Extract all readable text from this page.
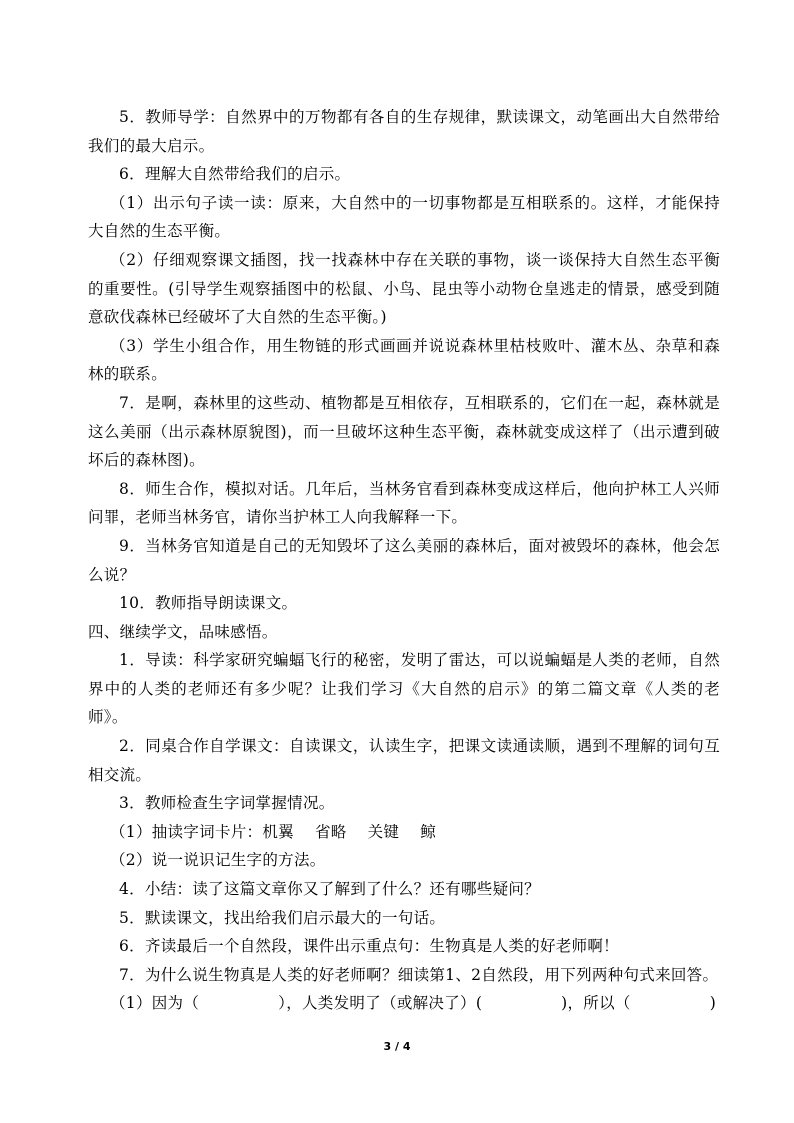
5．教师导学：自然界中的万物都有各自的生存规律，默读课文，动笔画出大自然带给我们的最大启示。

6．理解大自然带给我们的启示。

（1）出示句子读一读：原来，大自然中的一切事物都是互相联系的。这样，才能保持大自然的生态平衡。

（2）仔细观察课文插图，找一找森林中存在关联的事物，谈一谈保持大自然生态平衡的重要性。(引导学生观察插图中的松鼠、小鸟、昆虫等小动物仓皇逃走的情景，感受到随意砍伐森林已经破坏了大自然的生态平衡。)

（3）学生小组合作，用生物链的形式画画并说说森林里枯枝败叶、灌木丛、杂草和森林的联系。

7．是啊，森林里的这些动、植物都是互相依存，互相联系的，它们在一起，森林就是这么美丽（出示森林原貌图)，而一旦破坏这种生态平衡，森林就变成这样了（出示遭到破坏后的森林图)。

8．师生合作，模拟对话。几年后，当林务官看到森林变成这样后，他向护林工人兴师问罪，老师当林务官，请你当护林工人向我解释一下。

9．当林务官知道是自己的无知毁坏了这么美丽的森林后，面对被毁坏的森林，他会怎么说？

10．教师指导朗读课文。

四、继续学文，品味感悟。

1．导读：科学家研究蝙蝠飞行的秘密，发明了雷达，可以说蝙蝠是人类的老师，自然界中的人类的老师还有多少呢？让我们学习《大自然的启示》的第二篇文章《人类的老师》。

2．同桌合作自学课文：自读课文，认读生字，把课文读通读顺，遇到不理解的词句互相交流。

3．教师检查生字词掌握情况。

（1）抽读字词卡片：机翼　 省略 　关键　 鲸

（2）说一说识记生字的方法。

4．小结：读了这篇文章你又了解到了什么？还有哪些疑问？

5．默读课文，找出给我们启示最大的一句话。

6．齐读最后一个自然段，课件出示重点句：生物真是人类的好老师啊！

7．为什么说生物真是人类的好老师啊？细读第1、2自然段，用下列两种句式来回答。

（1）因为（　　　　　），人类发明了（或解决了）(　　　　　)，所以（　　　　　)

3 / 4
